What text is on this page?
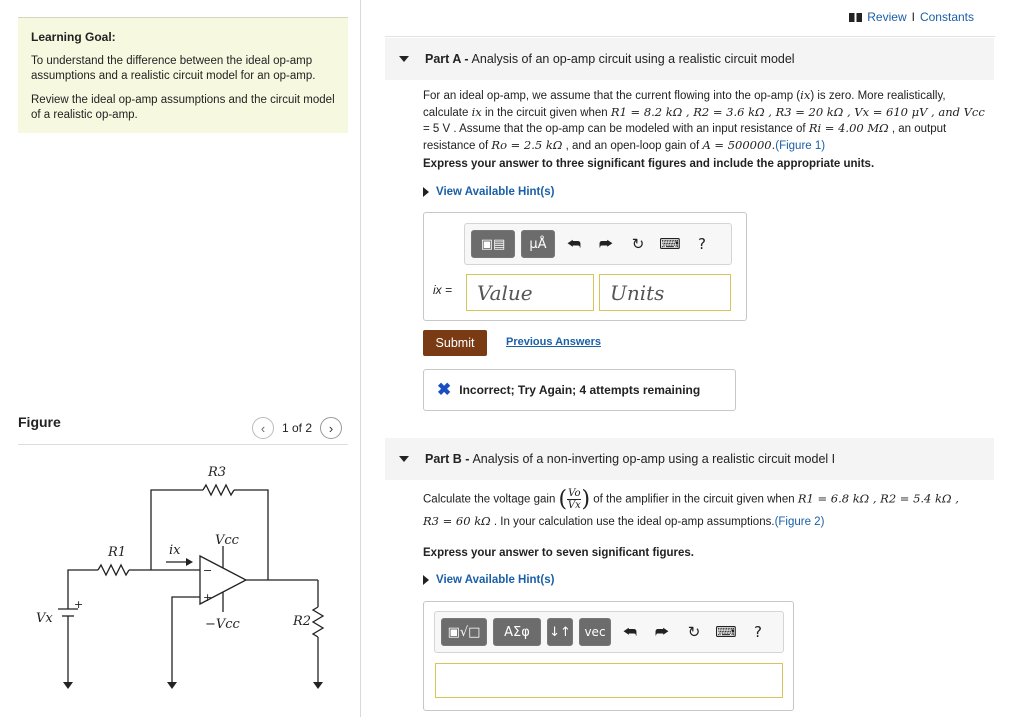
Learning Goal:
To understand the difference between the ideal op-amp assumptions and a realistic circuit model for an op-amp.
Review the ideal op-amp assumptions and the circuit model of a realistic op-amp.
Figure	‹ 1 of 2 ›
R3
R1	ix
Vcc
−Vcc
Vx	R2
−
+
+
Review I Constants
Part A - Analysis of an op-amp circuit using a realistic circuit model
For an ideal op-amp, we assume that the current flowing into the op-amp (ix) is zero. More realistically, calculate ix in the circuit given when R1 = 8.2 kΩ , R2 = 3.6 kΩ , R3 = 20 kΩ , Vx = 610 μV , and Vcc = 5 V . Assume that the op-amp can be modeled with an input resistance of Ri = 4.00 MΩ , an output resistance of Ro = 2.5 kΩ , and an open-loop gain of A = 500000.(Figure 1)
Express your answer to three significant figures and include the appropriate units.
View Available Hint(s)
▣▤	μÅ	⮪	⮫	↻ ⌨	?
ix =	Value	Units
Submit	Previous Answers
✖ Incorrect; Try Again; 4 attempts remaining
Part B - Analysis of a non-inverting op-amp using a realistic circuit model I
Calculate the voltage gain ( Vo
Vx ) of the amplifier in the circuit given when R1 = 6.8 kΩ , R2 = 5.4 kΩ ,
R3 = 60 kΩ . In your calculation use the ideal op-amp assumptions.(Figure 2)
Express your answer to seven significant figures.
View Available Hint(s)
▣√□	ΑΣφ	↓↑	vec	⮪	⮫	↻ ⌨	?
